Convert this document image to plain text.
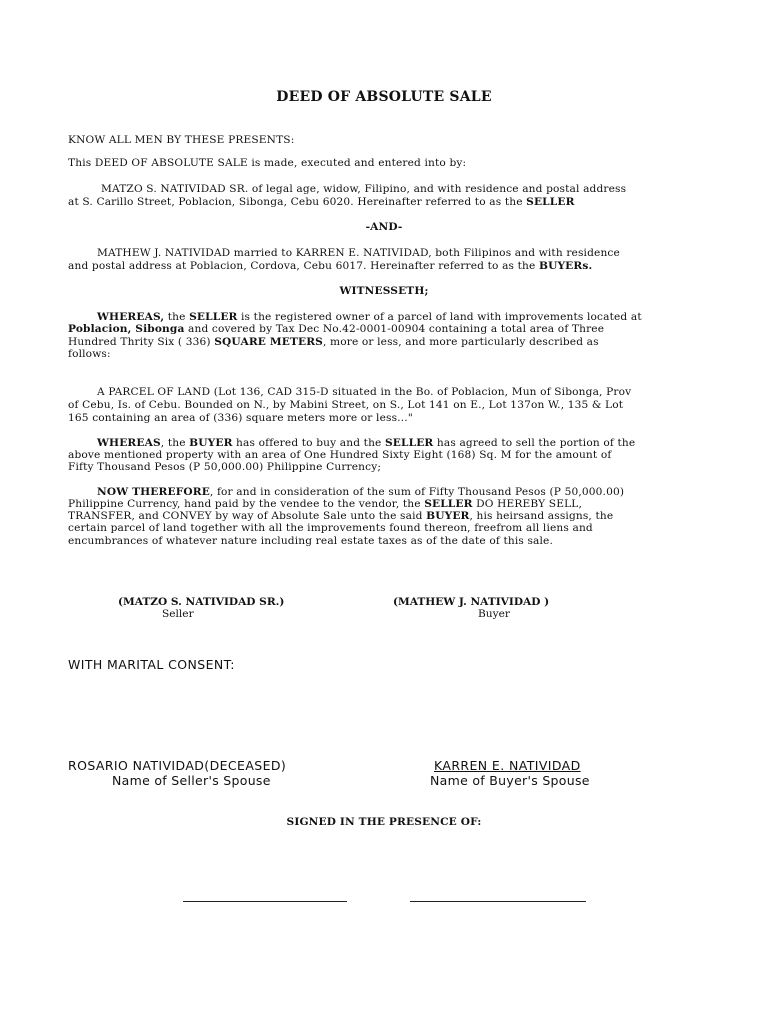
DEED OF ABSOLUTE SALE
KNOW ALL MEN BY THESE PRESENTS:
This DEED OF ABSOLUTE SALE is made, executed and entered into by:
MATZO S. NATIVIDAD SR. of legal age, widow, Filipino, and with residence and postal address
at S. Carillo Street, Poblacion, Sibonga, Cebu 6020. Hereinafter referred to as the SELLER
-AND-
MATHEW J. NATIVIDAD married to KARREN E. NATIVIDAD, both Filipinos and with residence
and postal address at Poblacion, Cordova, Cebu 6017. Hereinafter referred to as the BUYERs.
WITNESSETH;
WHEREAS, the SELLER is the registered owner of a parcel of land with improvements located at
Poblacion, Sibonga and covered by Tax Dec No.42-0001-00904 containing a total area of Three
Hundred Thrity Six ( 336) SQUARE METERS, more or less, and more particularly described as
follows:
A PARCEL OF LAND (Lot 136, CAD 315-D situated in the Bo. of Poblacion, Mun of Sibonga, Prov
of Cebu, Is. of Cebu. Bounded on N., by Mabini Street, on S., Lot 141 on E., Lot 137on W., 135 & Lot
165 containing an area of (336) square meters more or less…"
WHEREAS, the BUYER has offered to buy and the SELLER has agreed to sell the portion of the
above mentioned property with an area of One Hundred Sixty Eight (168) Sq. M for the amount of
Fifty Thousand Pesos (P 50,000.00) Philippine Currency;
NOW THEREFORE, for and in consideration of the sum of Fifty Thousand Pesos (P 50,000.00)
Philippine Currency, hand paid by the vendee to the vendor, the SELLER DO HEREBY SELL,
TRANSFER, and CONVEY by way of Absolute Sale unto the said BUYER, his heirsand assigns, the
certain parcel of land together with all the improvements found thereon, freefrom all liens and
encumbrances of whatever nature including real estate taxes as of the date of this sale.
(MATZO S. NATIVIDAD SR.)
Seller
(MATHEW J. NATIVIDAD )
Buyer
WITH MARITAL CONSENT:
ROSARIO NATIVIDAD(DECEASED)
Name of Seller's Spouse
KARREN E. NATIVIDAD
Name of Buyer's Spouse
SIGNED IN THE PRESENCE OF:
